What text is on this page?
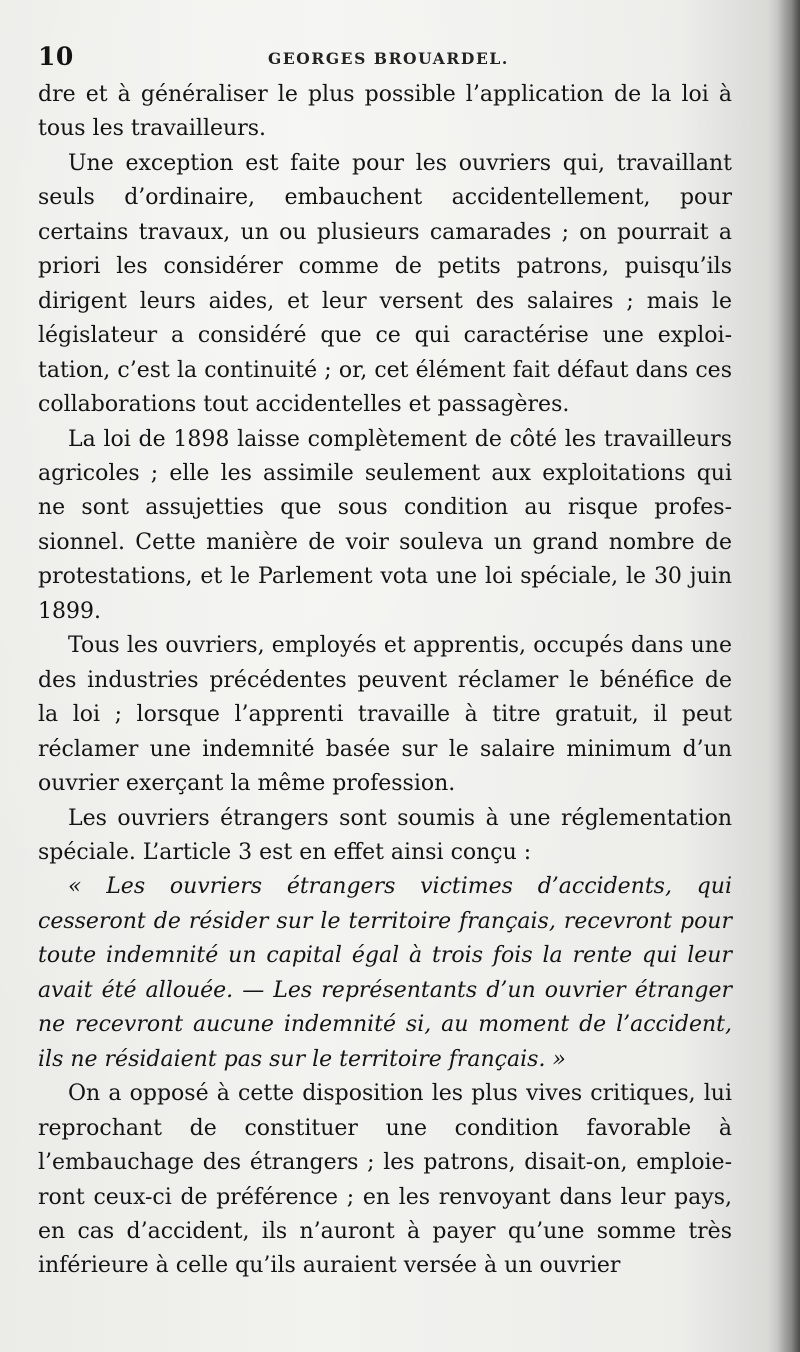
10	GEORGES BROUARDEL.

dre et à généraliser le plus possible l’application de la loi à tous les travailleurs.

Une exception est faite pour les ouvriers qui, travaillant seuls d’ordinaire, embauchent accidentellement, pour certains travaux, un ou plusieurs camarades ; on pourrait a priori les considérer comme de petits patrons, puisqu’ils dirigent leurs aides, et leur versent des salaires ; mais le législateur a considéré que ce qui caractérise une exploitation, c’est la continuité ; or, cet élément fait défaut dans ces collaborations tout accidentelles et passagères.

La loi de 1898 laisse complètement de côté les travailleurs agricoles ; elle les assimile seulement aux exploitations qui ne sont assujetties que sous condition au risque professionnel. Cette manière de voir souleva un grand nombre de protestations, et le Parlement vota une loi spéciale, le 30 juin 1899.

Tous les ouvriers, employés et apprentis, occupés dans une des industries précédentes peuvent réclamer le bénéfice de la loi ; lorsque l’apprenti travaille à titre gratuit, il peut réclamer une indemnité basée sur le salaire minimum d’un ouvrier exerçant la même profession.

Les ouvriers étrangers sont soumis à une réglementation spéciale. L’article 3 est en effet ainsi conçu :

« Les ouvriers étrangers victimes d’accidents, qui cesseront de résider sur le territoire français, recevront pour toute indemnité un capital égal à trois fois la rente qui leur avait été allouée. — Les représentants d’un ouvrier étranger ne recevront aucune indemnité si, au moment de l’accident, ils ne résidaient pas sur le territoire français. »

On a opposé à cette disposition les plus vives critiques, lui reprochant de constituer une condition favorable à l’embauchage des étrangers ; les patrons, disait-on, emploieront ceux-ci de préférence ; en les renvoyant dans leur pays, en cas d’accident, ils n’auront à payer qu’une somme très inférieure à celle qu’ils auraient versée à un ouvrier
